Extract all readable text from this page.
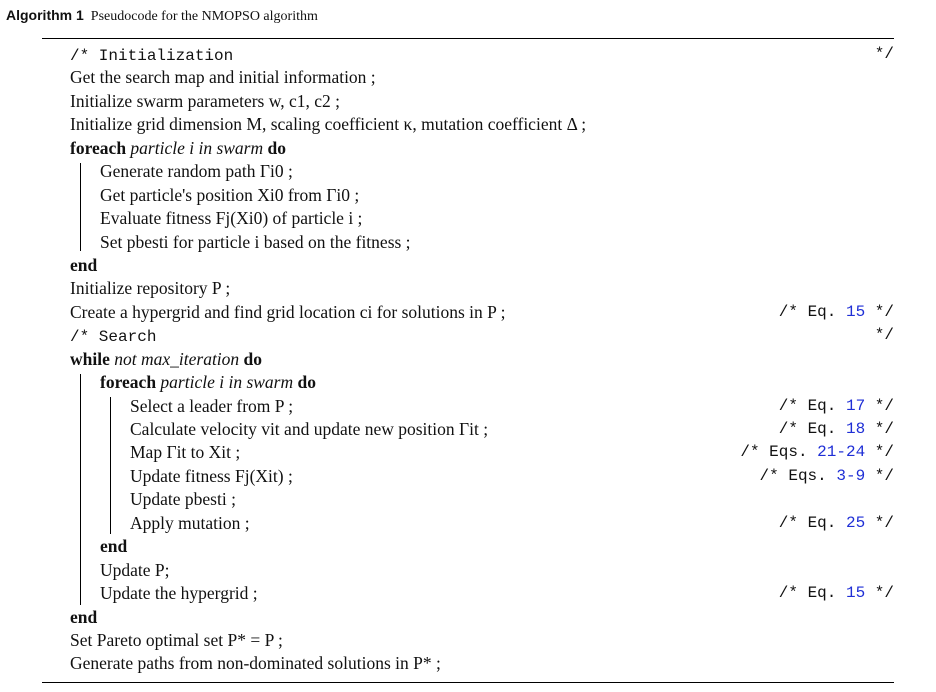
Algorithm 1 Pseudocode for the NMOPSO algorithm
/* Initialization	*/
Get the search map and initial information ;
Initialize swarm parameters w, c1, c2 ;
Initialize grid dimension M, scaling coefficient κ, mutation coefficient Δ ;
foreach particle i in swarm do
Generate random path Γi0 ;
Get particle's position Xi0 from Γi0 ;
Evaluate fitness Fj(Xi0) of particle i ;
Set pbesti for particle i based on the fitness ;
end
Initialize repository P ;
Create a hypergrid and find grid location ci for solutions in P ;	/* Eq. 15 */
/* Search	*/
while not max_iteration do
foreach particle i in swarm do
Select a leader from P ;	/* Eq. 17 */
Calculate velocity vit and update new position Γit ;	/* Eq. 18 */
Map Γit to Xit ;	/* Eqs. 21-24 */
Update fitness Fj(Xit) ;	/* Eqs. 3-9 */
Update pbesti ;
Apply mutation ;	/* Eq. 25 */
end
Update P;
Update the hypergrid ;	/* Eq. 15 */
end
Set Pareto optimal set P* = P ;
Generate paths from non-dominated solutions in P* ;
